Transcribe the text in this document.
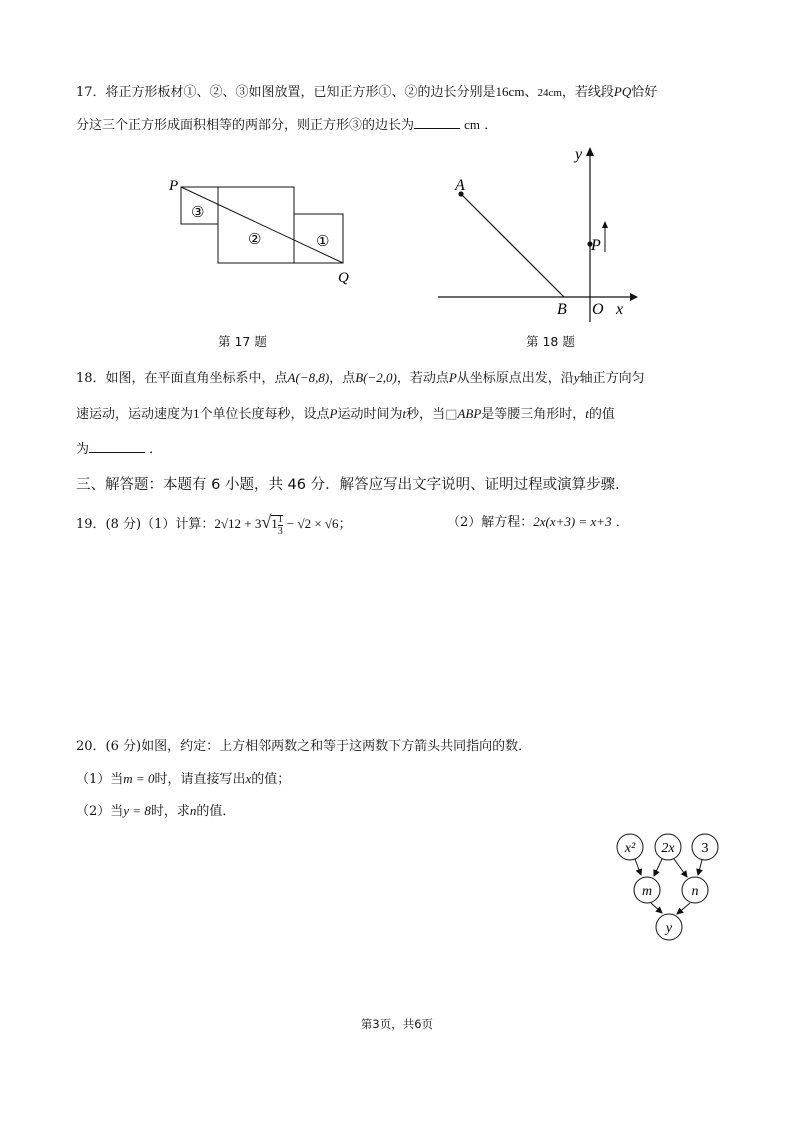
17．将正方形板材①、②、③如图放置，已知正方形①、②的边长分别是16cm、24cm，若线段PQ恰好
分这三个正方形成面积相等的两部分，则正方形③的边长为	cm ．
P
Q
③
②	①
第 17 题
A
B O x
y
P
第 18 题
18．如图，在平面直角坐标系中，点A(−8,8)，点B(−2,0)，若动点P从坐标原点出发，沿y轴正方向匀
速运动，运动速度为1个单位长度每秒，设点P运动时间为t秒，当□ABP是等腰三角形时，t的值
为	．
三、解答题：本题有 6 小题，共 46 分．解答应写出文字说明、证明过程或演算步骤．
19．(8 分)（1）计算：$2√12 + 3√1 \frac{1}{3} - √2 \times √6$；	（2）解方程：2x(x+3) = x+3 ．
20．(6 分)如图，约定：上方相邻两数之和等于这两数下方箭头共同指向的数．
（1）当m = 0时，请直接写出x的值；
（2）当y = 8时，求n的值．
x² 2x 3
m	n
y
第3页，共6页
